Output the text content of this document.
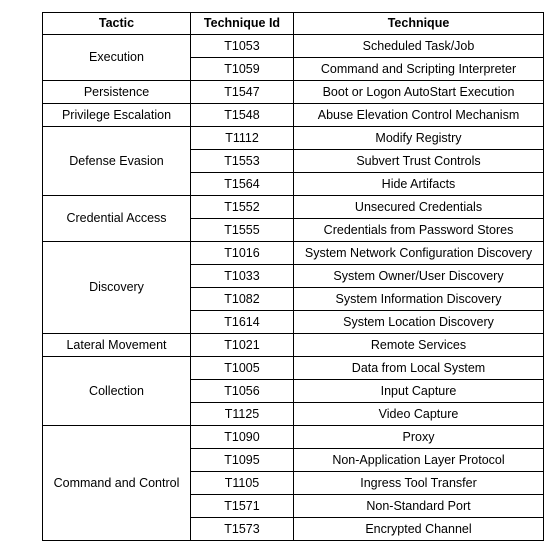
Tactic	Technique Id	Technique
Execution	T1053	Scheduled Task/Job
	T1059	Command and Scripting Interpreter
Persistence	T1547	Boot or Logon AutoStart Execution
Privilege Escalation	T1548	Abuse Elevation Control Mechanism
Defense Evasion	T1112	Modify Registry
	T1553	Subvert Trust Controls
	T1564	Hide Artifacts
Credential Access	T1552	Unsecured Credentials
	T1555	Credentials from Password Stores
Discovery	T1016	System Network Configuration Discovery
	T1033	System Owner/User Discovery
	T1082	System Information Discovery
	T1614	System Location Discovery
Lateral Movement	T1021	Remote Services
Collection	T1005	Data from Local System
	T1056	Input Capture
	T1125	Video Capture
Command and Control	T1090	Proxy
	T1095	Non-Application Layer Protocol
	T1105	Ingress Tool Transfer
	T1571	Non-Standard Port
	T1573	Encrypted Channel
